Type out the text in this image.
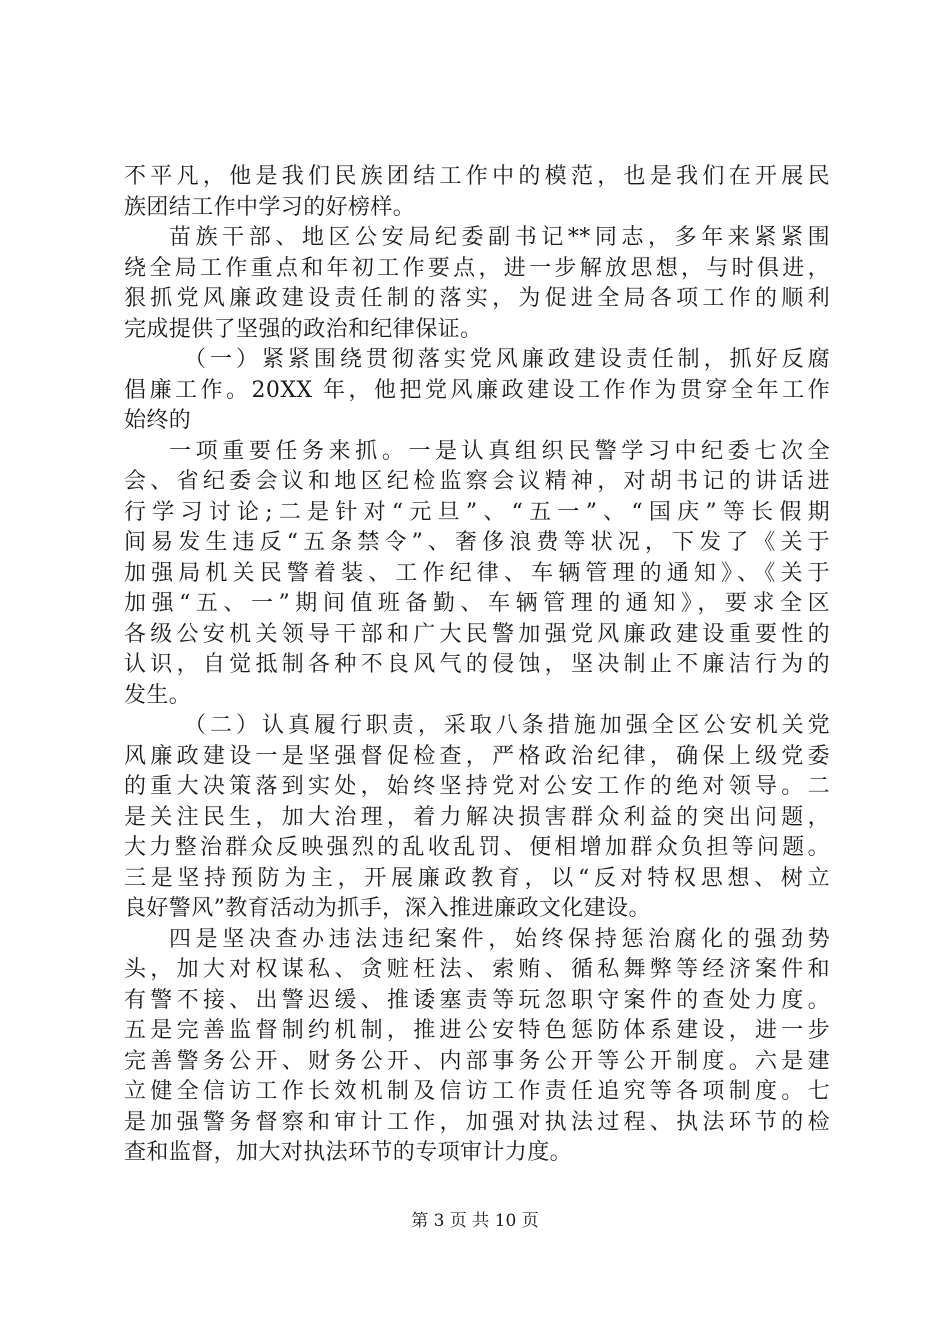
不平凡，他是我们民族团结工作中的模范，也是我们在开展民
族团结工作中学习的好榜样。
苗族干部、地区公安局纪委副书记**同志，多年来紧紧围
绕全局工作重点和年初工作要点，进一步解放思想，与时俱进，
狠抓党风廉政建设责任制的落实，为促进全局各项工作的顺利
完成提供了坚强的政治和纪律保证。
（一）紧紧围绕贯彻落实党风廉政建设责任制，抓好反腐
倡廉工作。20XX 年，他把党风廉政建设工作作为贯穿全年工作
始终的
一项重要任务来抓。一是认真组织民警学习中纪委七次全
会、省纪委会议和地区纪检监察会议精神，对胡书记的讲话进
行学习讨论;二是针对“元旦”、“五一”、“国庆”等长假期
间易发生违反“五条禁令”、奢侈浪费等状况，下发了《关于
加强局机关民警着装、工作纪律、车辆管理的通知》、《关于
加强“五、一”期间值班备勤、车辆管理的通知》，要求全区
各级公安机关领导干部和广大民警加强党风廉政建设重要性的
认识，自觉抵制各种不良风气的侵蚀，坚决制止不廉洁行为的
发生。
（二）认真履行职责，采取八条措施加强全区公安机关党
风廉政建设一是坚强督促检查，严格政治纪律，确保上级党委
的重大决策落到实处，始终坚持党对公安工作的绝对领导。二
是关注民生，加大治理，着力解决损害群众利益的突出问题，
大力整治群众反映强烈的乱收乱罚、便相增加群众负担等问题。
三是坚持预防为主，开展廉政教育，以“反对特权思想、树立
良好警风”教育活动为抓手，深入推进廉政文化建设。
四是坚决查办违法违纪案件，始终保持惩治腐化的强劲势
头，加大对权谋私、贪赃枉法、索贿、循私舞弊等经济案件和
有警不接、出警迟缓、推诿塞责等玩忽职守案件的查处力度。
五是完善监督制约机制，推进公安特色惩防体系建设，进一步
完善警务公开、财务公开、内部事务公开等公开制度。六是建
立健全信访工作长效机制及信访工作责任追究等各项制度。七
是加强警务督察和审计工作，加强对执法过程、执法环节的检
查和监督，加大对执法环节的专项审计力度。
第 3 页 共 10 页
